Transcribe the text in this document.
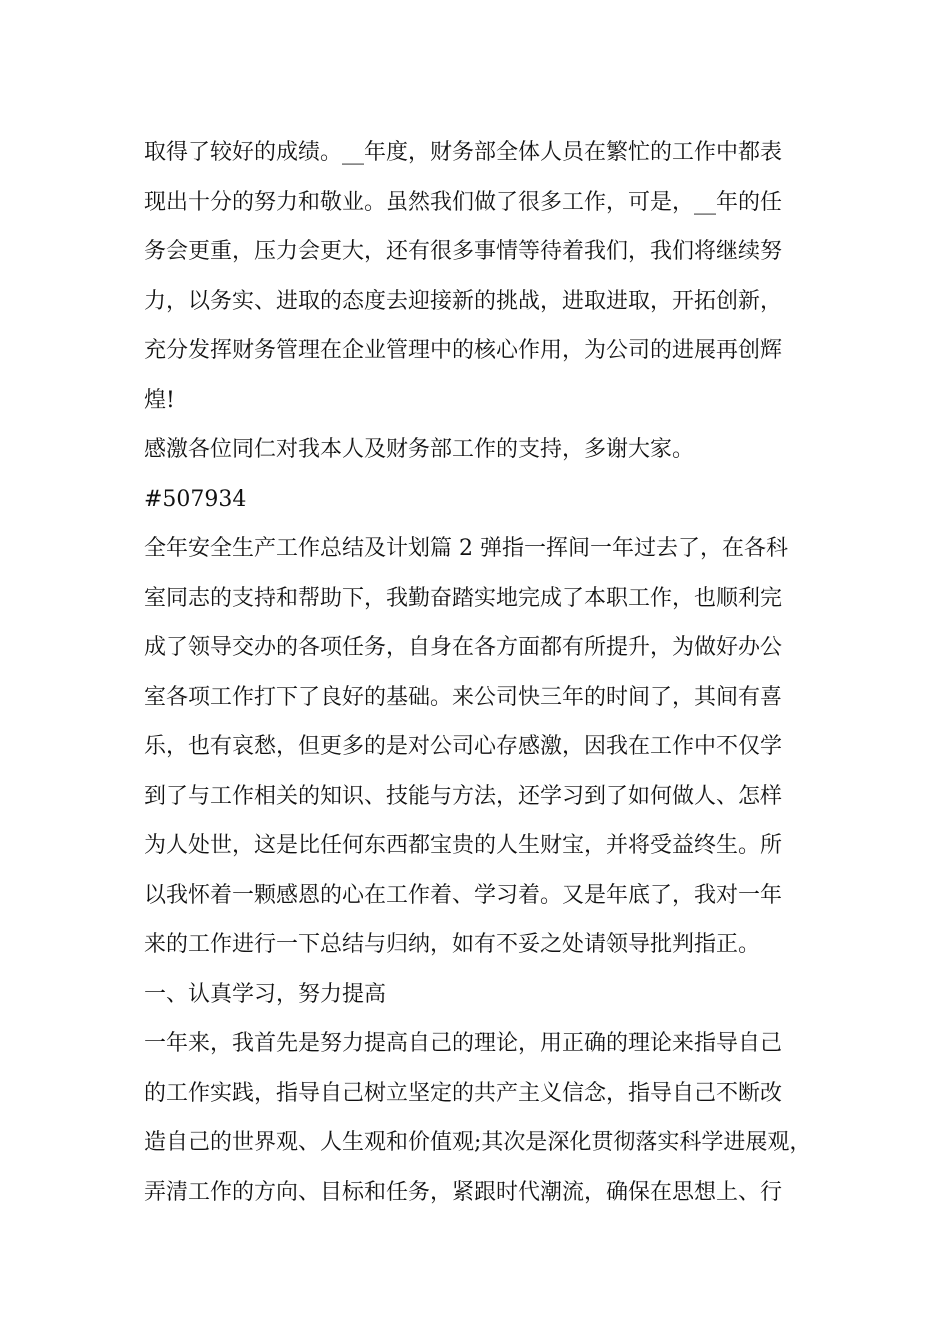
取得了较好的成绩。__年度，财务部全体人员在繁忙的工作中都表
现出十分的努力和敬业。虽然我们做了很多工作，可是，__年的任
务会更重，压力会更大，还有很多事情等待着我们，我们将继续努
力，以务实、进取的态度去迎接新的挑战，进取进取，开拓创新，
充分发挥财务管理在企业管理中的核心作用，为公司的进展再创辉
煌!
感激各位同仁对我本人及财务部工作的支持，多谢大家。
#507934
全年安全生产工作总结及计划篇 2 弹指一挥间一年过去了，在各科
室同志的支持和帮助下，我勤奋踏实地完成了本职工作，也顺利完
成了领导交办的各项任务，自身在各方面都有所提升，为做好办公
室各项工作打下了良好的基础。来公司快三年的时间了，其间有喜
乐，也有哀愁，但更多的是对公司心存感激，因我在工作中不仅学
到了与工作相关的知识、技能与方法，还学习到了如何做人、怎样
为人处世，这是比任何东西都宝贵的人生财宝，并将受益终生。所
以我怀着一颗感恩的心在工作着、学习着。又是年底了，我对一年
来的工作进行一下总结与归纳，如有不妥之处请领导批判指正。
一、认真学习，努力提高
一年来，我首先是努力提高自己的理论，用正确的理论来指导自己
的工作实践，指导自己树立坚定的共产主义信念，指导自己不断改
造自己的世界观、人生观和价值观;其次是深化贯彻落实科学进展观，
弄清工作的方向、目标和任务，紧跟时代潮流，确保在思想上、行
